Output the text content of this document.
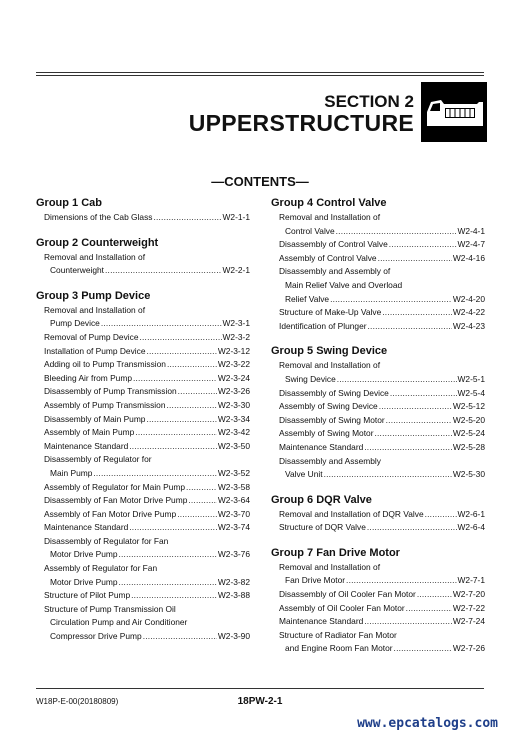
SECTION 2
UPPERSTRUCTURE
—CONTENTS—
Group 1 Cab
Dimensions of the Cab Glass .....	W2-1-1
Group 2 Counterweight
Removal and Installation of
Counterweight .....	W2-2-1
Group 3 Pump Device
Removal and Installation of
Pump Device .....	W2-3-1
Removal of Pump Device .....	W2-3-2
Installation of Pump Device .....	W2-3-12
Adding oil to Pump Transmission .....	W2-3-22
Bleeding Air from Pump .....	W2-3-24
Disassembly of Pump Transmission .....	W2-3-26
Assembly of Pump Transmission .....	W2-3-30
Disassembly of Main Pump .....	W2-3-34
Assembly of Main Pump .....	W2-3-42
Maintenance Standard .....	W2-3-50
Disassembly of Regulator for
Main Pump .....	W2-3-52
Assembly of Regulator for Main Pump .....	W2-3-58
Disassembly of Fan Motor Drive Pump .....	W2-3-64
Assembly of Fan Motor Drive Pump .....	W2-3-70
Maintenance Standard .....	W2-3-74
Disassembly of Regulator for Fan
Motor Drive Pump .....	W2-3-76
Assembly of Regulator for Fan
Motor Drive Pump .....	W2-3-82
Structure of Pilot Pump .....	W2-3-88
Structure of Pump Transmission Oil
Circulation Pump and Air Conditioner
Compressor Drive Pump .....	W2-3-90
Group 4 Control Valve
Removal and Installation of
Control Valve .....	W2-4-1
Disassembly of Control Valve .....	W2-4-7
Assembly of Control Valve .....	W2-4-16
Disassembly and Assembly of
Main Relief Valve and Overload
Relief Valve .....	W2-4-20
Structure of Make-Up Valve .....	W2-4-22
Identification of Plunger .....	W2-4-23
Group 5 Swing Device
Removal and Installation of
Swing Device .....	W2-5-1
Disassembly of Swing Device .....	W2-5-4
Assembly of Swing Device .....	W2-5-12
Disassembly of Swing Motor .....	W2-5-20
Assembly of Swing Motor .....	W2-5-24
Maintenance Standard .....	W2-5-28
Disassembly and Assembly
Valve Unit .....	W2-5-30
Group 6 DQR Valve
Removal and Installation of DQR Valve .....	W2-6-1
Structure of DQR Valve .....	W2-6-4
Group 7 Fan Drive Motor
Removal and Installation of
Fan Drive Motor .....	W2-7-1
Disassembly of Oil Cooler Fan Motor .....	W2-7-20
Assembly of Oil Cooler Fan Motor .....	W2-7-22
Maintenance Standard .....	W2-7-24
Structure of Radiator Fan Motor
and Engine Room Fan Motor .....	W2-7-26
W18P-E-00(20180809)	18PW-2-1
www.epcatalogs.com
